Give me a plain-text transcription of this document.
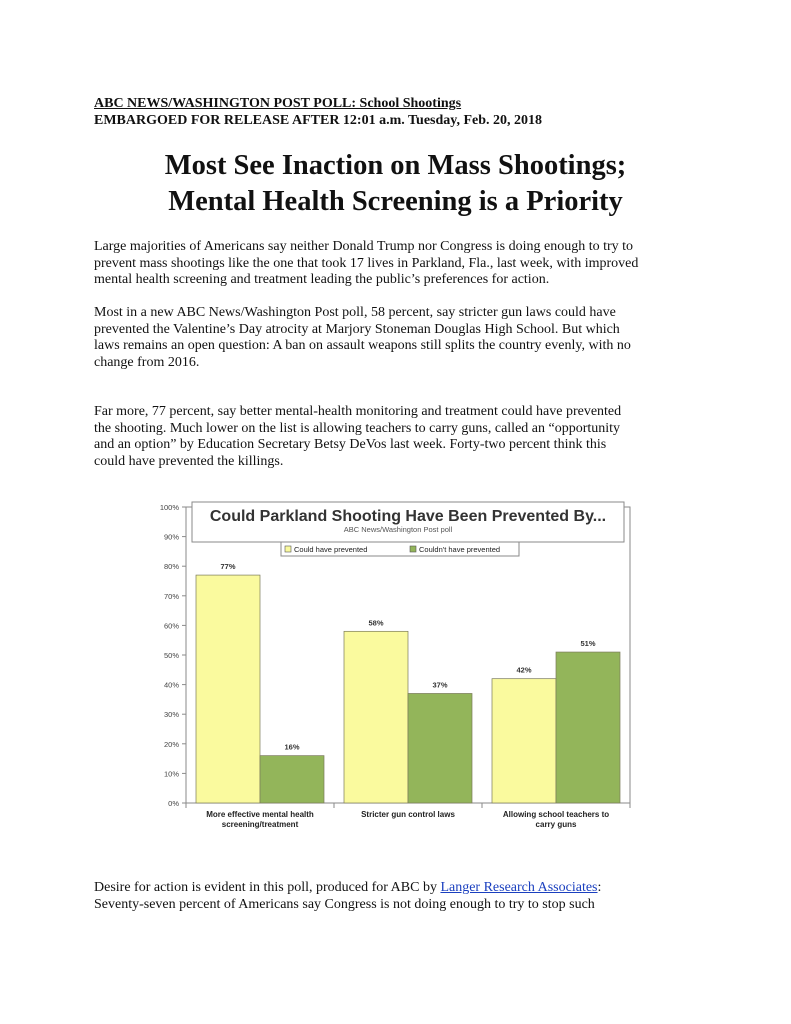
ABC NEWS/WASHINGTON POST POLL: School Shootings
EMBARGOED FOR RELEASE AFTER 12:01 a.m. Tuesday, Feb. 20, 2018
Most See Inaction on Mass Shootings;
Mental Health Screening is a Priority

Large majorities of Americans say neither Donald Trump nor Congress is doing enough to try to
prevent mass shootings like the one that took 17 lives in Parkland, Fla., last week, with improved
mental health screening and treatment leading the public’s preferences for action.

Most in a new ABC News/Washington Post poll, 58 percent, say stricter gun laws could have
prevented the Valentine’s Day atrocity at Marjory Stoneman Douglas High School. But which
laws remains an open question: A ban on assault weapons still splits the country evenly, with no
change from 2016.

Far more, 77 percent, say better mental-health monitoring and treatment could have prevented
the shooting. Much lower on the list is allowing teachers to carry guns, called an “opportunity
and an option” by Education Secretary Betsy DeVos last week. Forty-two percent think this
could have prevented the killings.

0%
10%
20%
30%
40%
50%
60%
70%
80%
90%
100%
Could Parkland Shooting Have Been Prevented By...
ABC News/Washington Post poll
Could have prevented	Couldn't have prevented
77%
58%
42%
16%
37%
51%
More effective mental health
screening/treatment
Stricter gun control laws	Allowing school teachers to
carry guns

Desire for action is evident in this poll, produced for ABC by Langer Research Associates:
Seventy-seven percent of Americans say Congress is not doing enough to try to stop such
